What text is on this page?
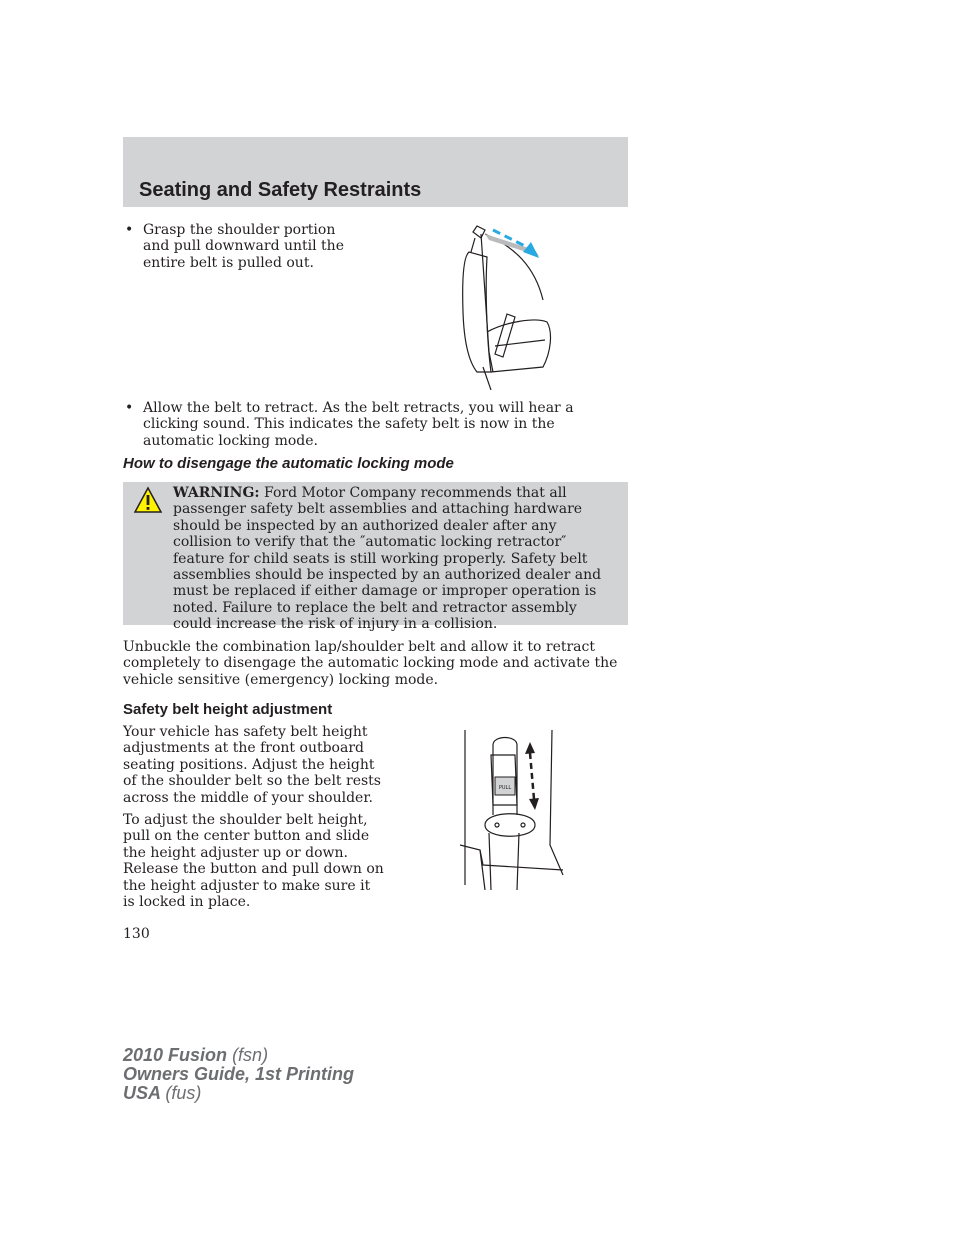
Seating and Safety Restraints
• Grasp the shoulder portion and pull downward until the entire belt is pulled out.
• Allow the belt to retract. As the belt retracts, you will hear a clicking sound. This indicates the safety belt is now in the automatic locking mode.
How to disengage the automatic locking mode
WARNING: Ford Motor Company recommends that all passenger safety belt assemblies and attaching hardware should be inspected by an authorized dealer after any collision to verify that the ″automatic locking retractor″ feature for child seats is still working properly. Safety belt assemblies should be inspected by an authorized dealer and must be replaced if either damage or improper operation is noted. Failure to replace the belt and retractor assembly could increase the risk of injury in a collision.
Unbuckle the combination lap/shoulder belt and allow it to retract completely to disengage the automatic locking mode and activate the vehicle sensitive (emergency) locking mode.
Safety belt height adjustment
Your vehicle has safety belt height adjustments at the front outboard seating positions. Adjust the height of the shoulder belt so the belt rests across the middle of your shoulder.
To adjust the shoulder belt height, pull on the center button and slide the height adjuster up or down. Release the button and pull down on the height adjuster to make sure it is locked in place.
PULL
130
2010 Fusion (fsn)
Owners Guide, 1st Printing
USA (fus)
